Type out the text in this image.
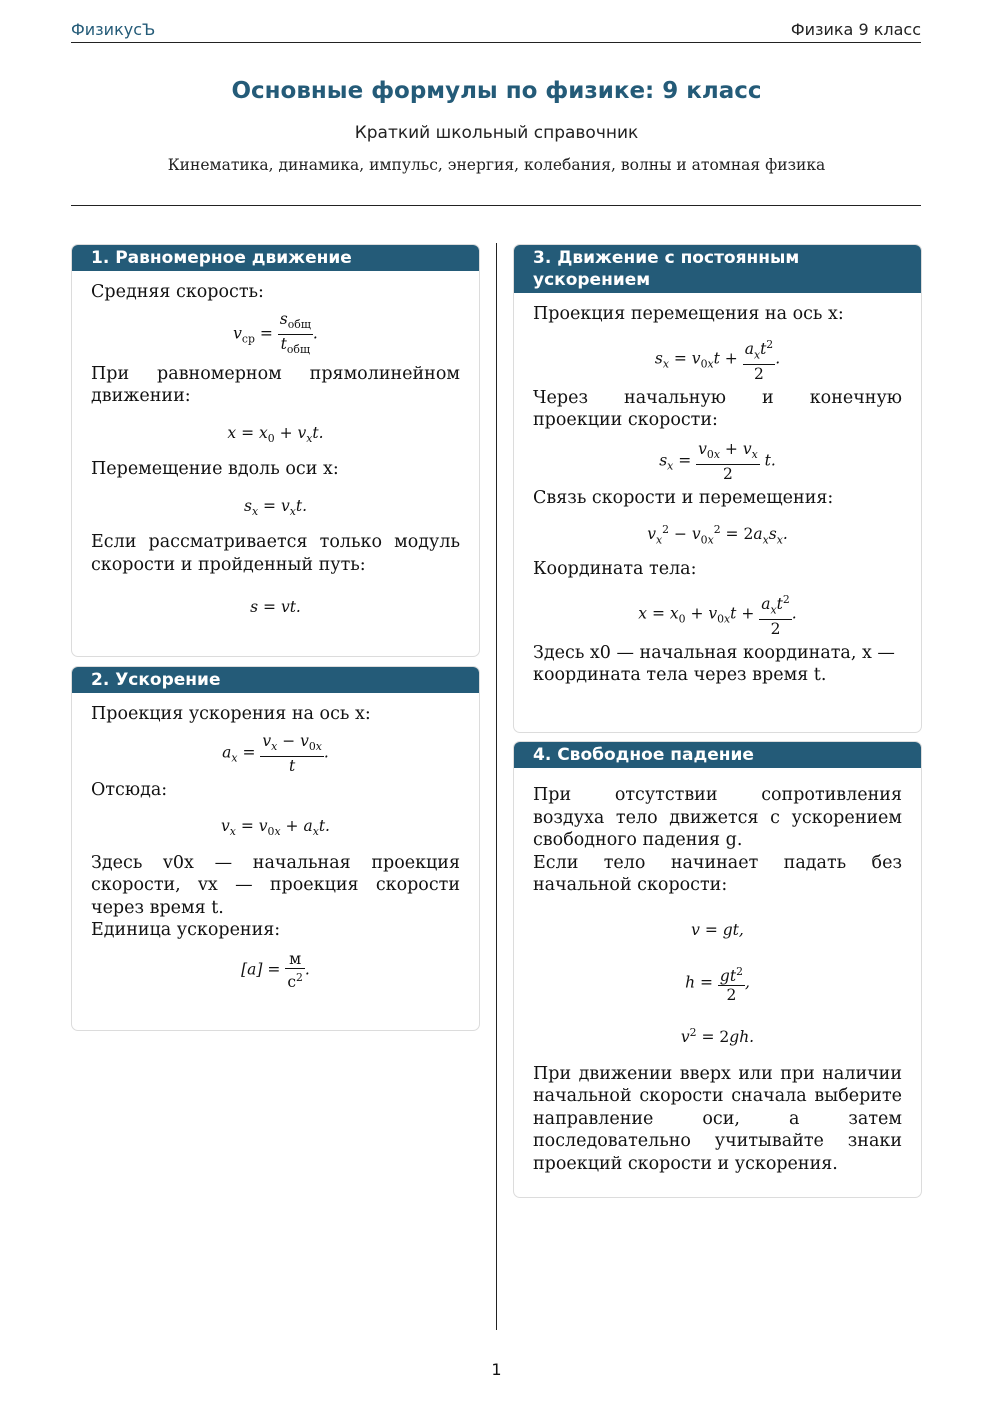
ФизикусЪ	Физика 9 класс
Основные формулы по физике: 9 класс
Краткий школьный справочник
Кинематика, динамика, импульс, энергия, колебания, волны и атомная физика
1. Равномерное движение

Средняя скорость:

$v_{ср} = \frac{s_{общ}}{t_{общ}}$ .

При равномерном прямолинейном движении:

$x = x_0 + v_xt$.

Перемещение вдоль оси x:

$s_x = v_xt$.

Если рассматривается только модуль скорости и пройденный путь:

s = vt.

2. Ускорение

Проекция ускорения на ось x:

$a_x = \frac{v_x - v_{0x}}{t}$ .

Отсюда:

$v_x = v_{0x} + a_xt$.

Здесь v0x — начальная проекция скорости, vx — проекция скорости через время t.

Единица ускорения:

$[a] = \frac{м}{с^2}$ .

3. Движение с постоянным ускорением

Проекция перемещения на ось x:

$s_x = v_{0x}t + \frac{a_xt^2}{2}$ .

Через начальную и конечную проекции скорости:

$s_x = \frac{v_{0x} + v_x}{2} t$.

Связь скорости и перемещения:

$v_x^2 - v_{0x}^2 = 2a_xs_x$.

Координата тела:

$x = x_0 + v_{0x}t + \frac{a_xt^2}{2}$ .

Здесь x0 — начальная координата, x — координата тела через время t.

4. Свободное падение

При отсутствии сопротивления воздуха тело движется с ускорением свободного падения g.

Если тело начинает падать без начальной скорости:

v = gt,

$h = \frac{gt^2}{2}$ ,

$v^2 = 2gh$.

При движении вверх или при наличии начальной скорости сначала выберите направление оси, а затем последовательно учитывайте знаки проекций скорости и ускорения.

1
